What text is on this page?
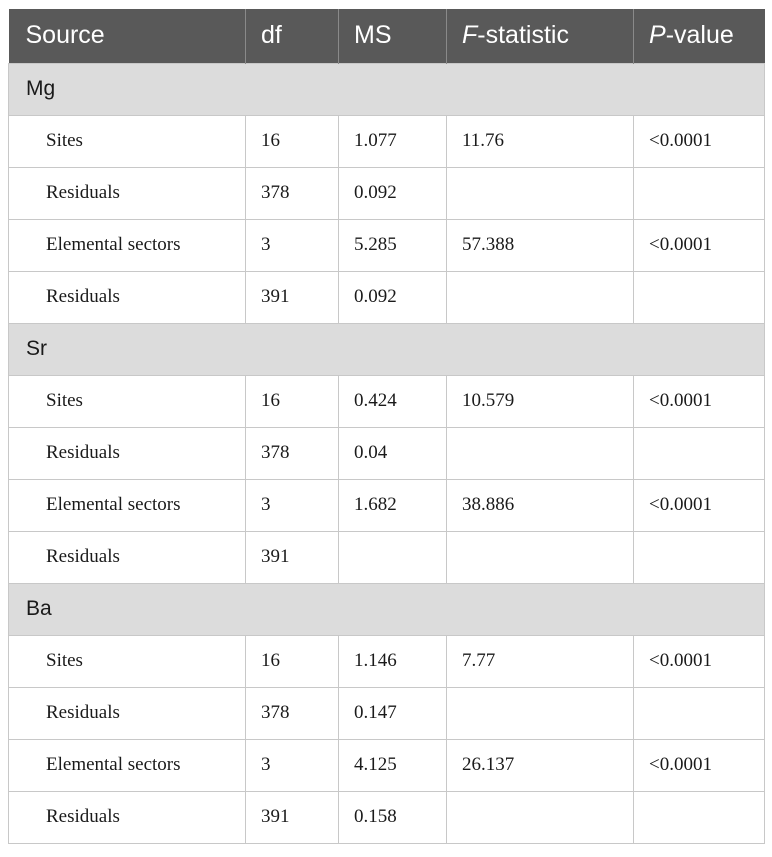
Source	df	MS	F-statistic	P-value
Mg				
Sites	16	1.077	11.76	<0.0001
Residuals	378	0.092		
Elemental sectors	3	5.285	57.388	<0.0001
Residuals	391	0.092		
Sr				
Sites	16	0.424	10.579	<0.0001
Residuals	378	0.04		
Elemental sectors	3	1.682	38.886	<0.0001
Residuals	391			
Ba				
Sites	16	1.146	7.77	<0.0001
Residuals	378	0.147		
Elemental sectors	3	4.125	26.137	<0.0001
Residuals	391	0.158		
